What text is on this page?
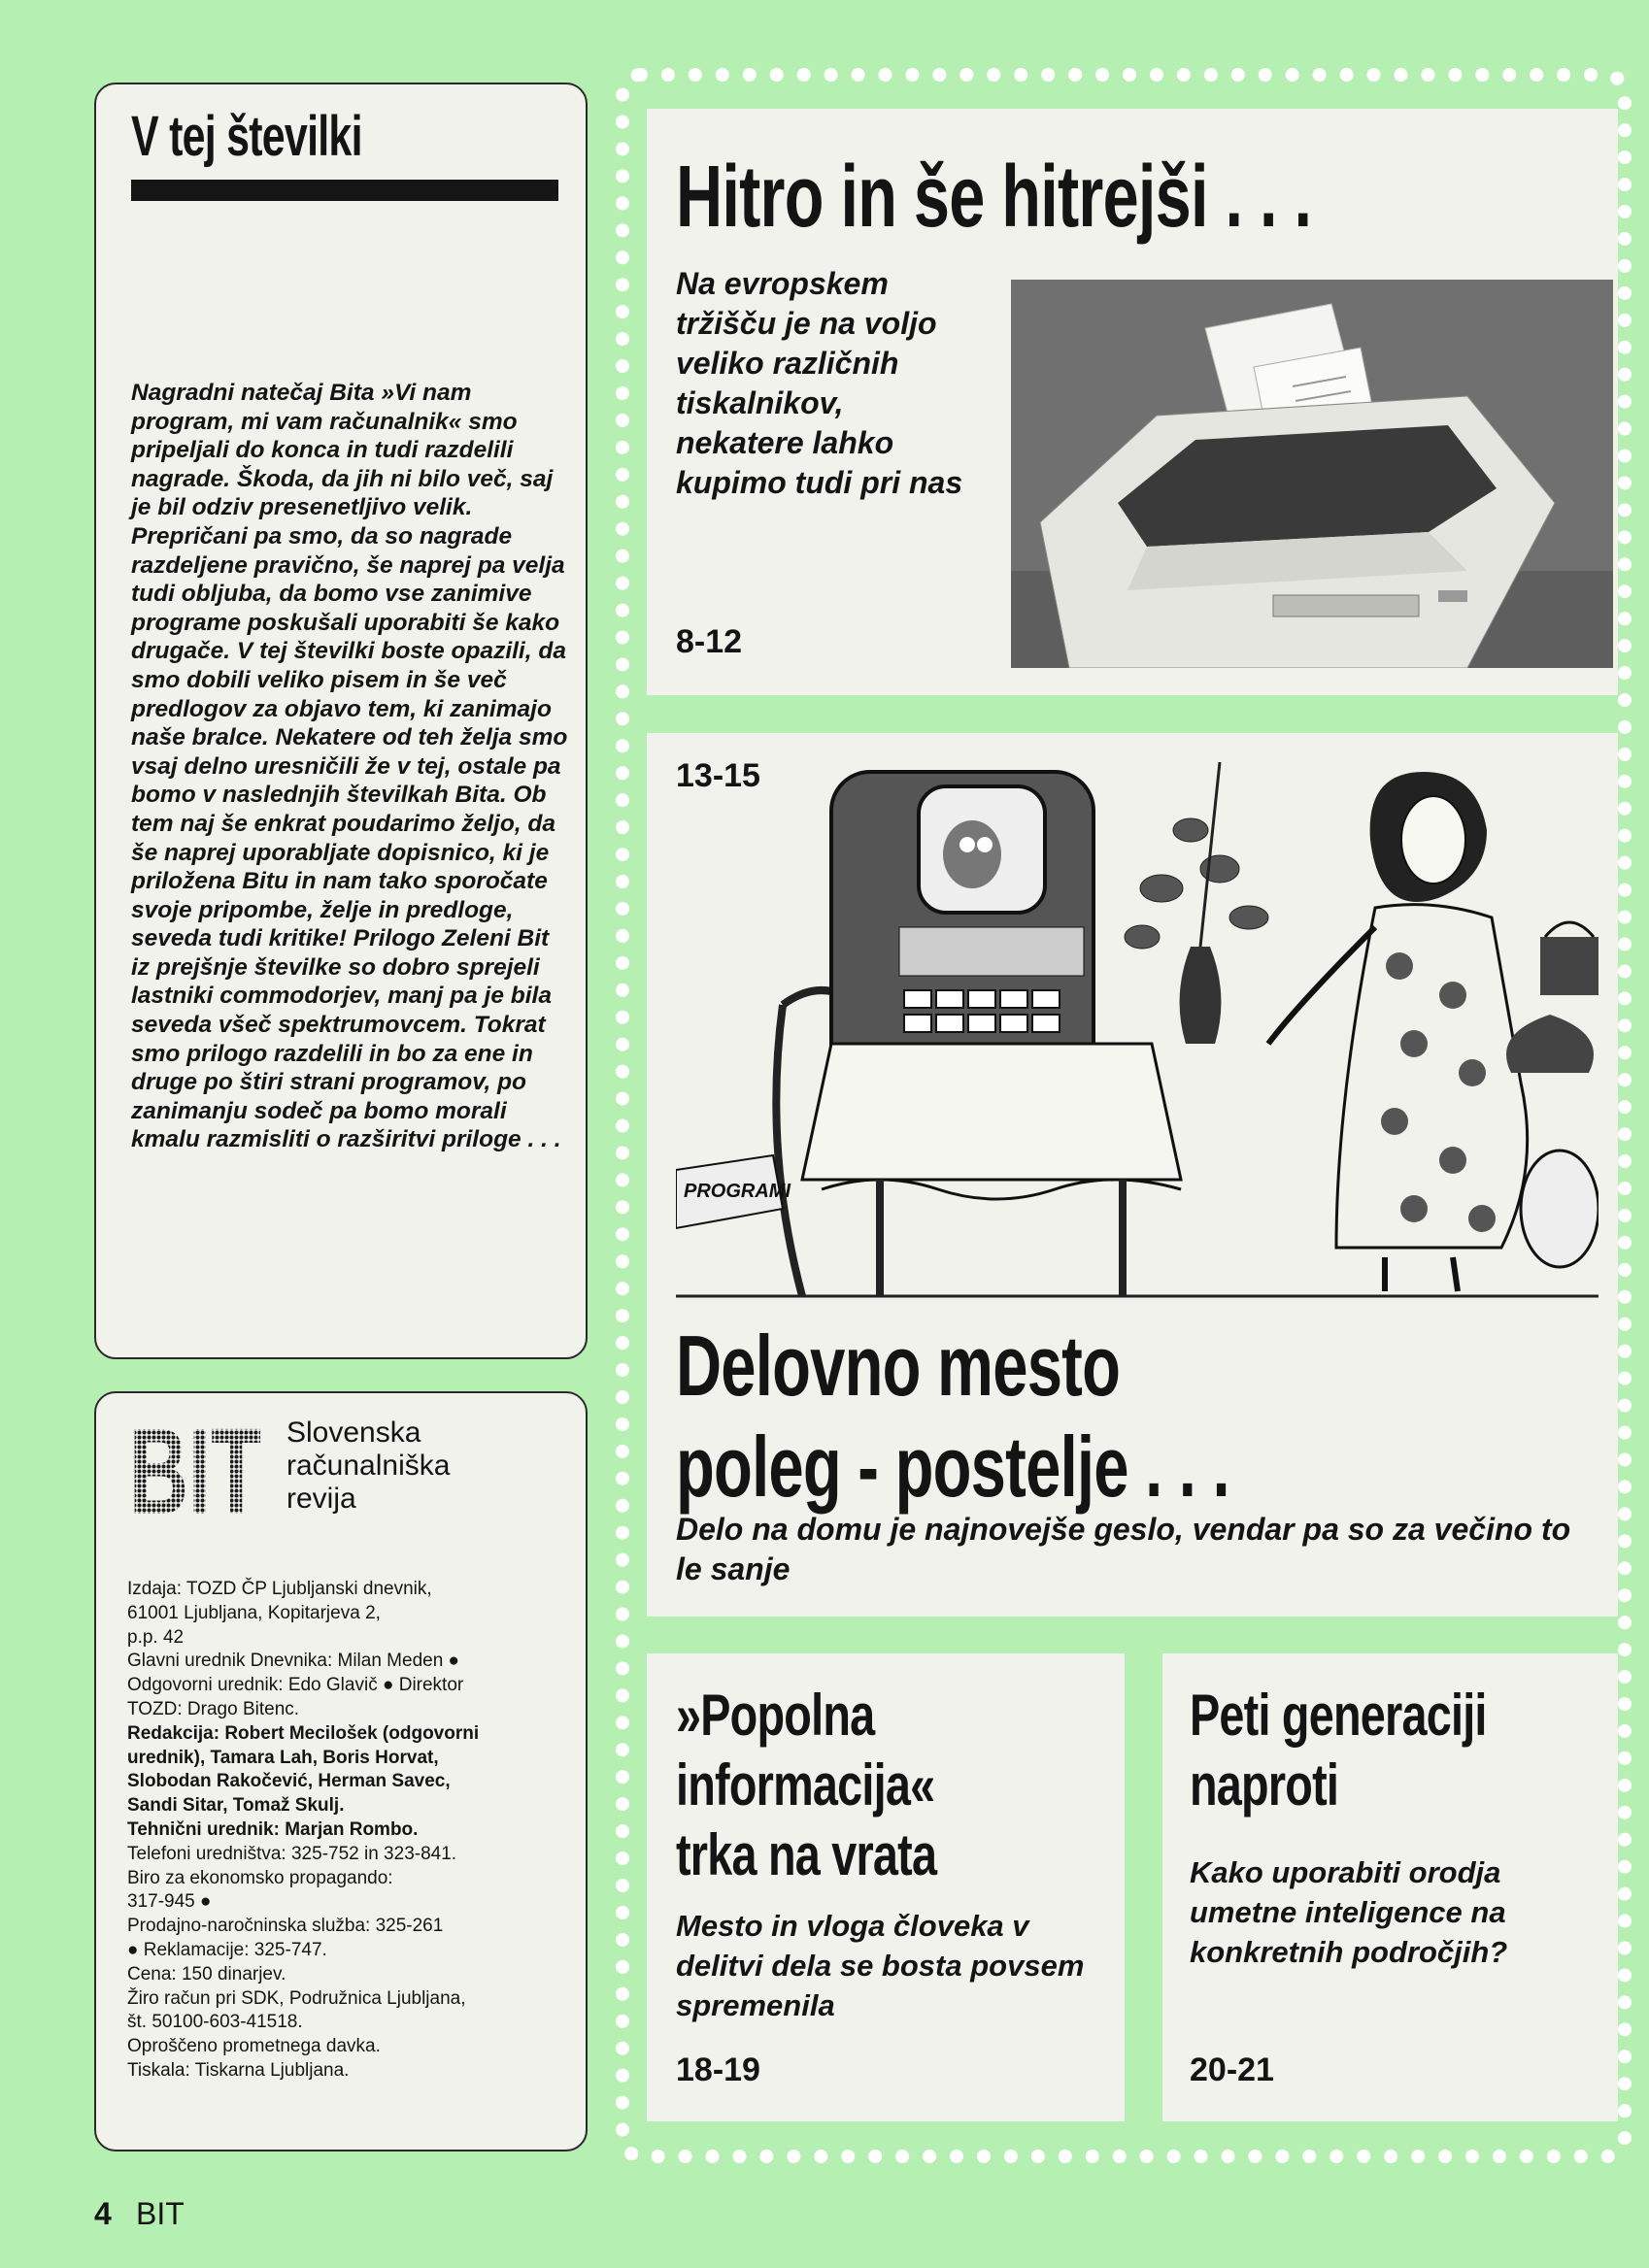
V tej številki
Nagradni natečaj Bita »Vi nam program, mi vam računalnik« smo pripeljali do konca in tudi razdelili nagrade. Škoda, da jih ni bilo več, saj je bil odziv presenetljivo velik. Prepričani pa smo, da so nagrade razdeljene pravično, še naprej pa velja tudi obljuba, da bomo vse zanimive programe poskušali uporabiti še kako drugače. V tej številki boste opazili, da smo dobili veliko pisem in še več predlogov za objavo tem, ki zanimajo naše bralce. Nekatere od teh želja smo vsaj delno uresničili že v tej, ostale pa bomo v naslednjih številkah Bita. Ob tem naj še enkrat poudarimo željo, da še naprej uporabljate dopisnico, ki je priložena Bitu in nam tako sporočate svoje pripombe, želje in predloge, seveda tudi kritike! Prilogo Zeleni Bit iz prejšnje številke so dobro sprejeli lastniki commodorjev, manj pa je bila seveda všeč spektrumovcem. Tokrat smo prilogo razdelili in bo za ene in druge po štiri strani programov, po zanimanju sodeč pa bomo morali kmalu razmisliti o razširitvi priloge . . .
BIT Slovenska
računalniška
revija
Izdaja: TOZD ČP Ljubljanski dnevnik,
61001 Ljubljana, Kopitarjeva 2,
p.p. 42
Glavni urednik Dnevnika: Milan Meden ●
Odgovorni urednik: Edo Glavič ● Direktor
TOZD: Drago Bitenc.
Redakcija: Robert Mecilošek (odgovorni
urednik), Tamara Lah, Boris Horvat,
Slobodan Rakočević, Herman Savec,
Sandi Sitar, Tomaž Skulj.
Tehnični urednik: Marjan Rombo.
Telefoni uredništva: 325-752 in 323-841.
Biro za ekonomsko propagando:
317-945 ●
Prodajno-naročninska služba: 325-261
● Reklamacije: 325-747.
Cena: 150 dinarjev.
Žiro račun pri SDK, Podružnica Ljubljana,
št. 50100-603-41518.
Oproščeno prometnega davka.
Tiskala: Tiskarna Ljubljana.
4 BIT
Hitro in še hitrejši . . .
Na evropskem tržišču je na voljo veliko različnih tiskalnikov, nekatere lahko kupimo tudi pri nas
8-12
PROGRAMI
13-15
Delovno mesto
poleg - postelje . . .
Delo na domu je najnovejše geslo, vendar pa so za večino to le sanje
»Popolna
informacija«
trka na vrata
Mesto in vloga človeka v delitvi dela se bosta povsem spremenila
18-19
Peti generaciji
naproti
Kako uporabiti orodja umetne inteligence na konkretnih področjih?
20-21
